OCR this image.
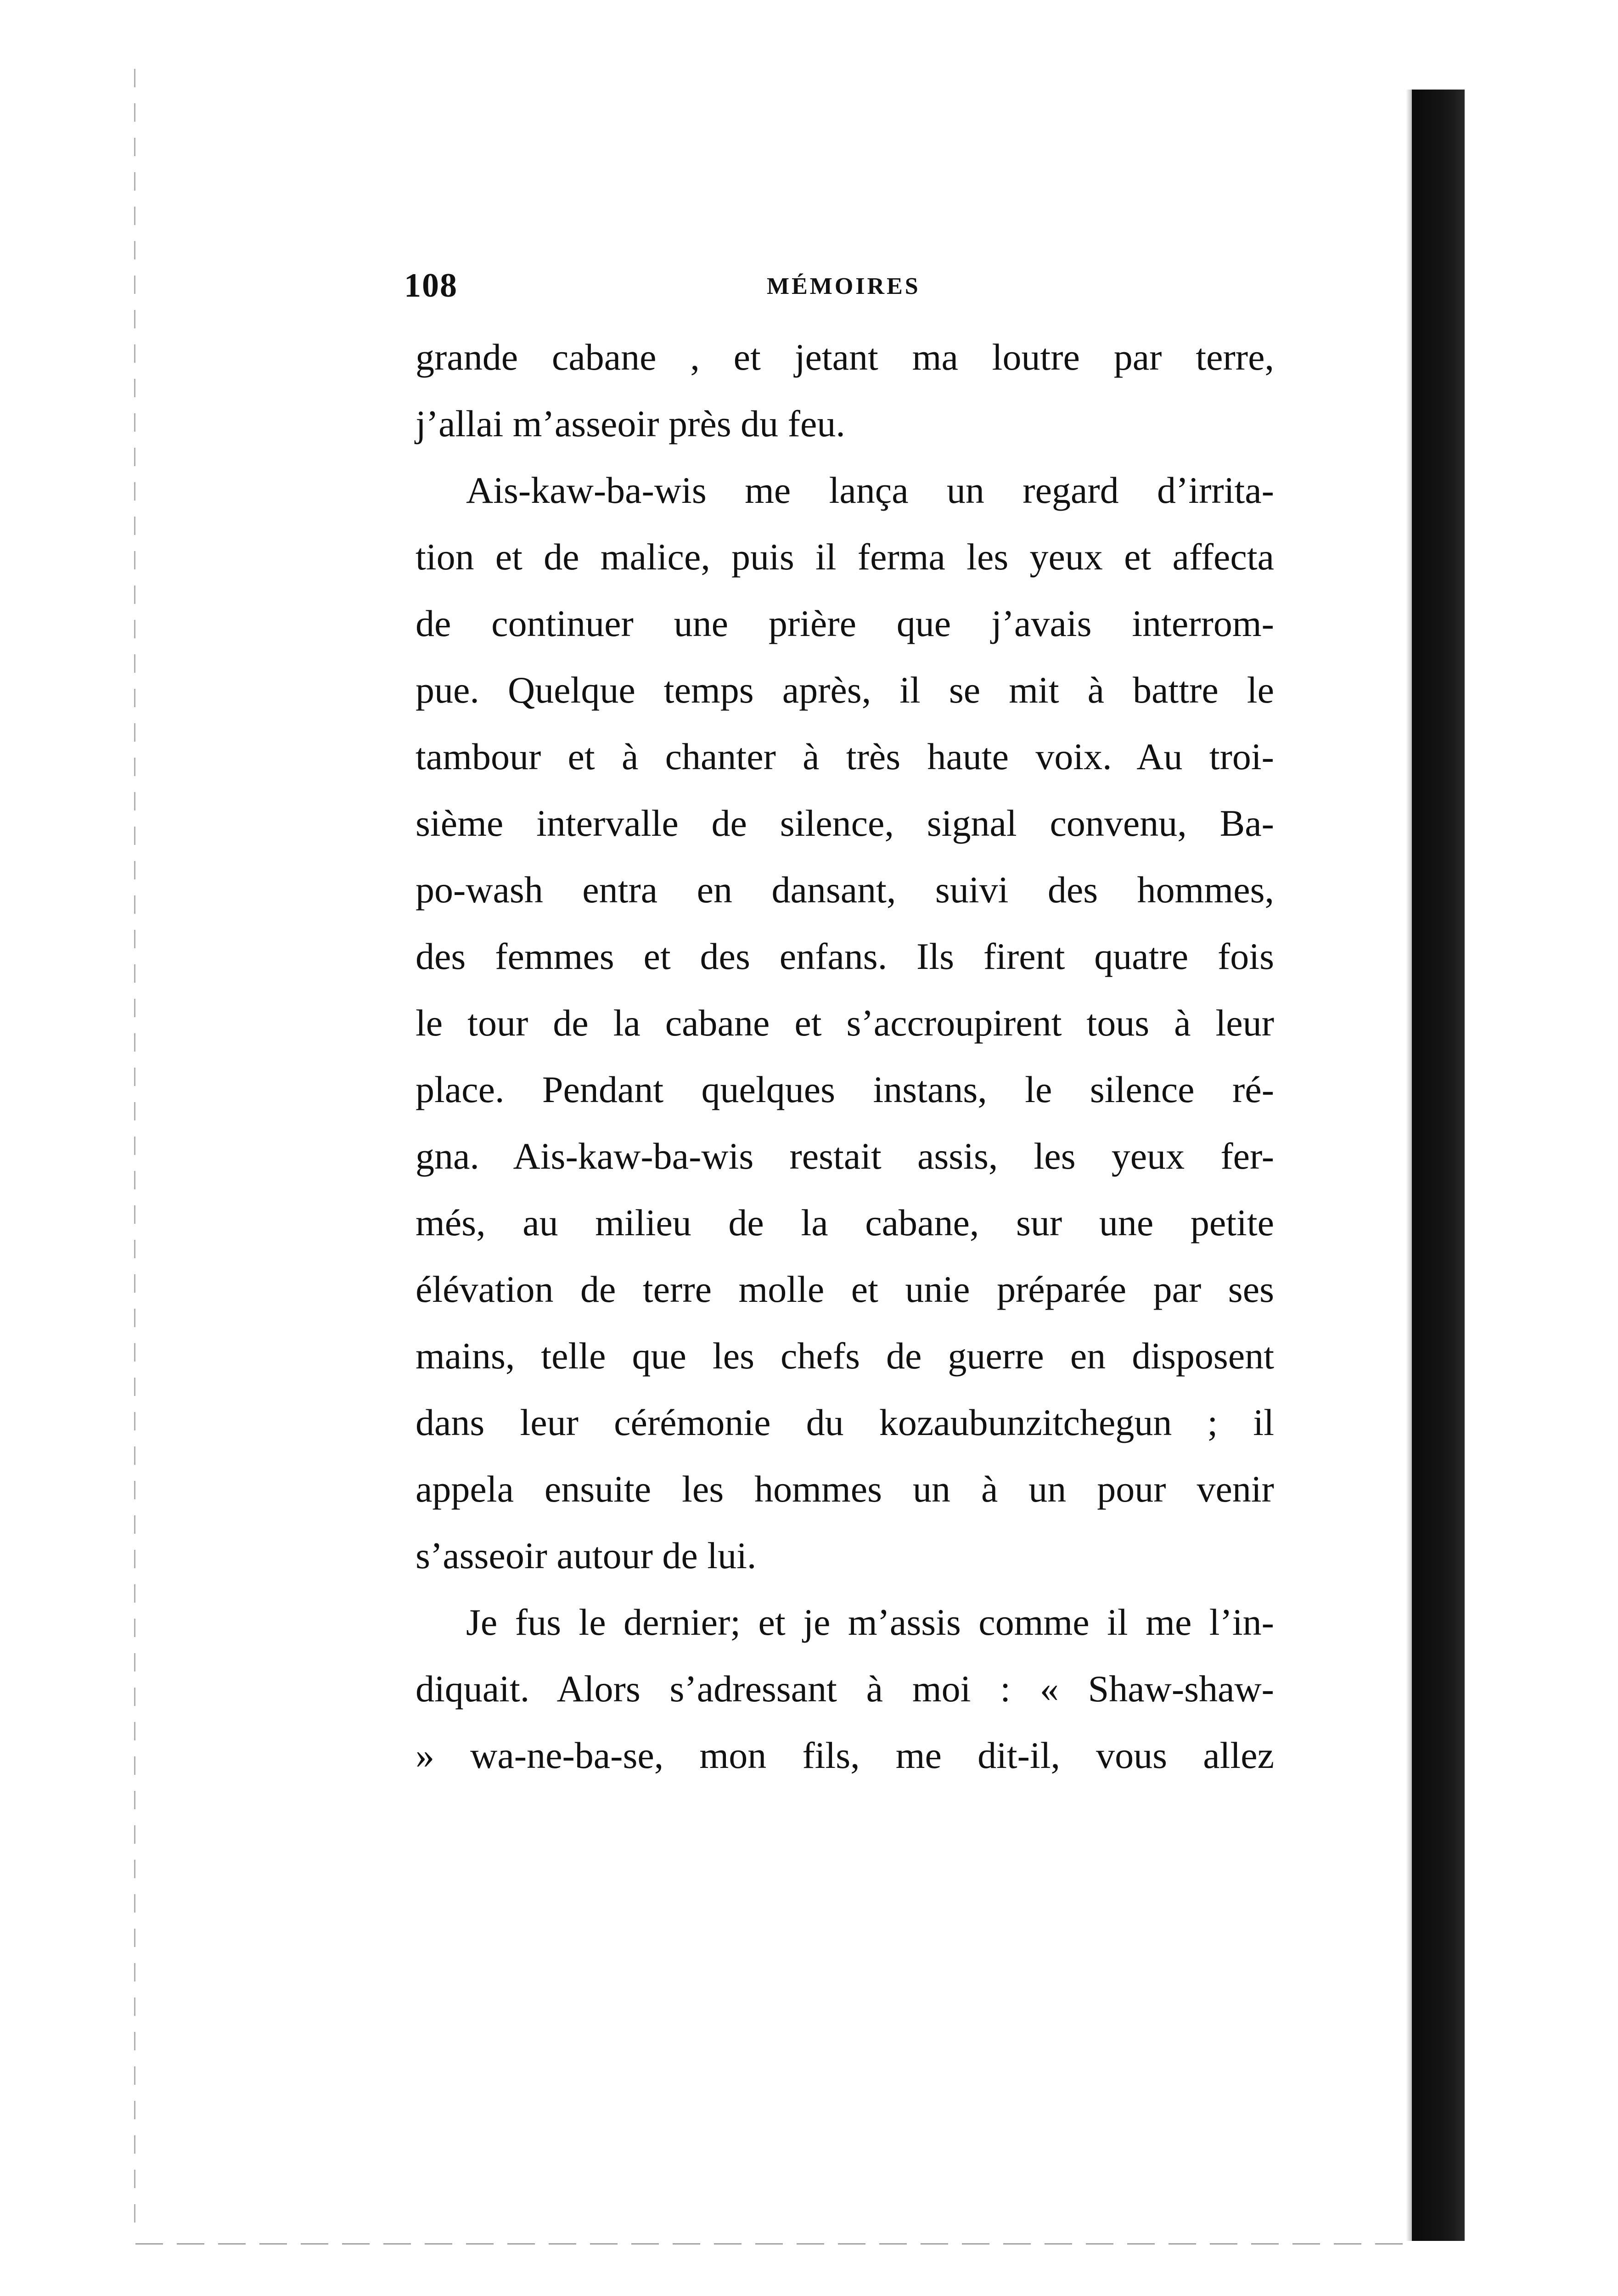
108	MÉMOIRES
grande cabane , et jetant ma loutre par terre,
j’allai m’asseoir près du feu.
Ais-kaw-ba-wis me lança un regard d’irrita-
tion et de malice, puis il ferma les yeux et affecta
de continuer une prière que j’avais interrom-
pue. Quelque temps après, il se mit à battre le
tambour et à chanter à très haute voix. Au troi-
sième intervalle de silence, signal convenu, Ba-
po-wash entra en dansant, suivi des hommes,
des femmes et des enfans. Ils firent quatre fois
le tour de la cabane et s’accroupirent tous à leur
place. Pendant quelques instans, le silence ré-
gna. Ais-kaw-ba-wis restait assis, les yeux fer-
més, au milieu de la cabane, sur une petite
élévation de terre molle et unie préparée par ses
mains, telle que les chefs de guerre en disposent
dans leur cérémonie du kozaubunzitchegun ; il
appela ensuite les hommes un à un pour venir
s’asseoir autour de lui.
Je fus le dernier; et je m’assis comme il me l’in-
diquait. Alors s’adressant à moi : « Shaw-shaw-
» wa-ne-ba-se, mon fils, me dit-il, vous allez
